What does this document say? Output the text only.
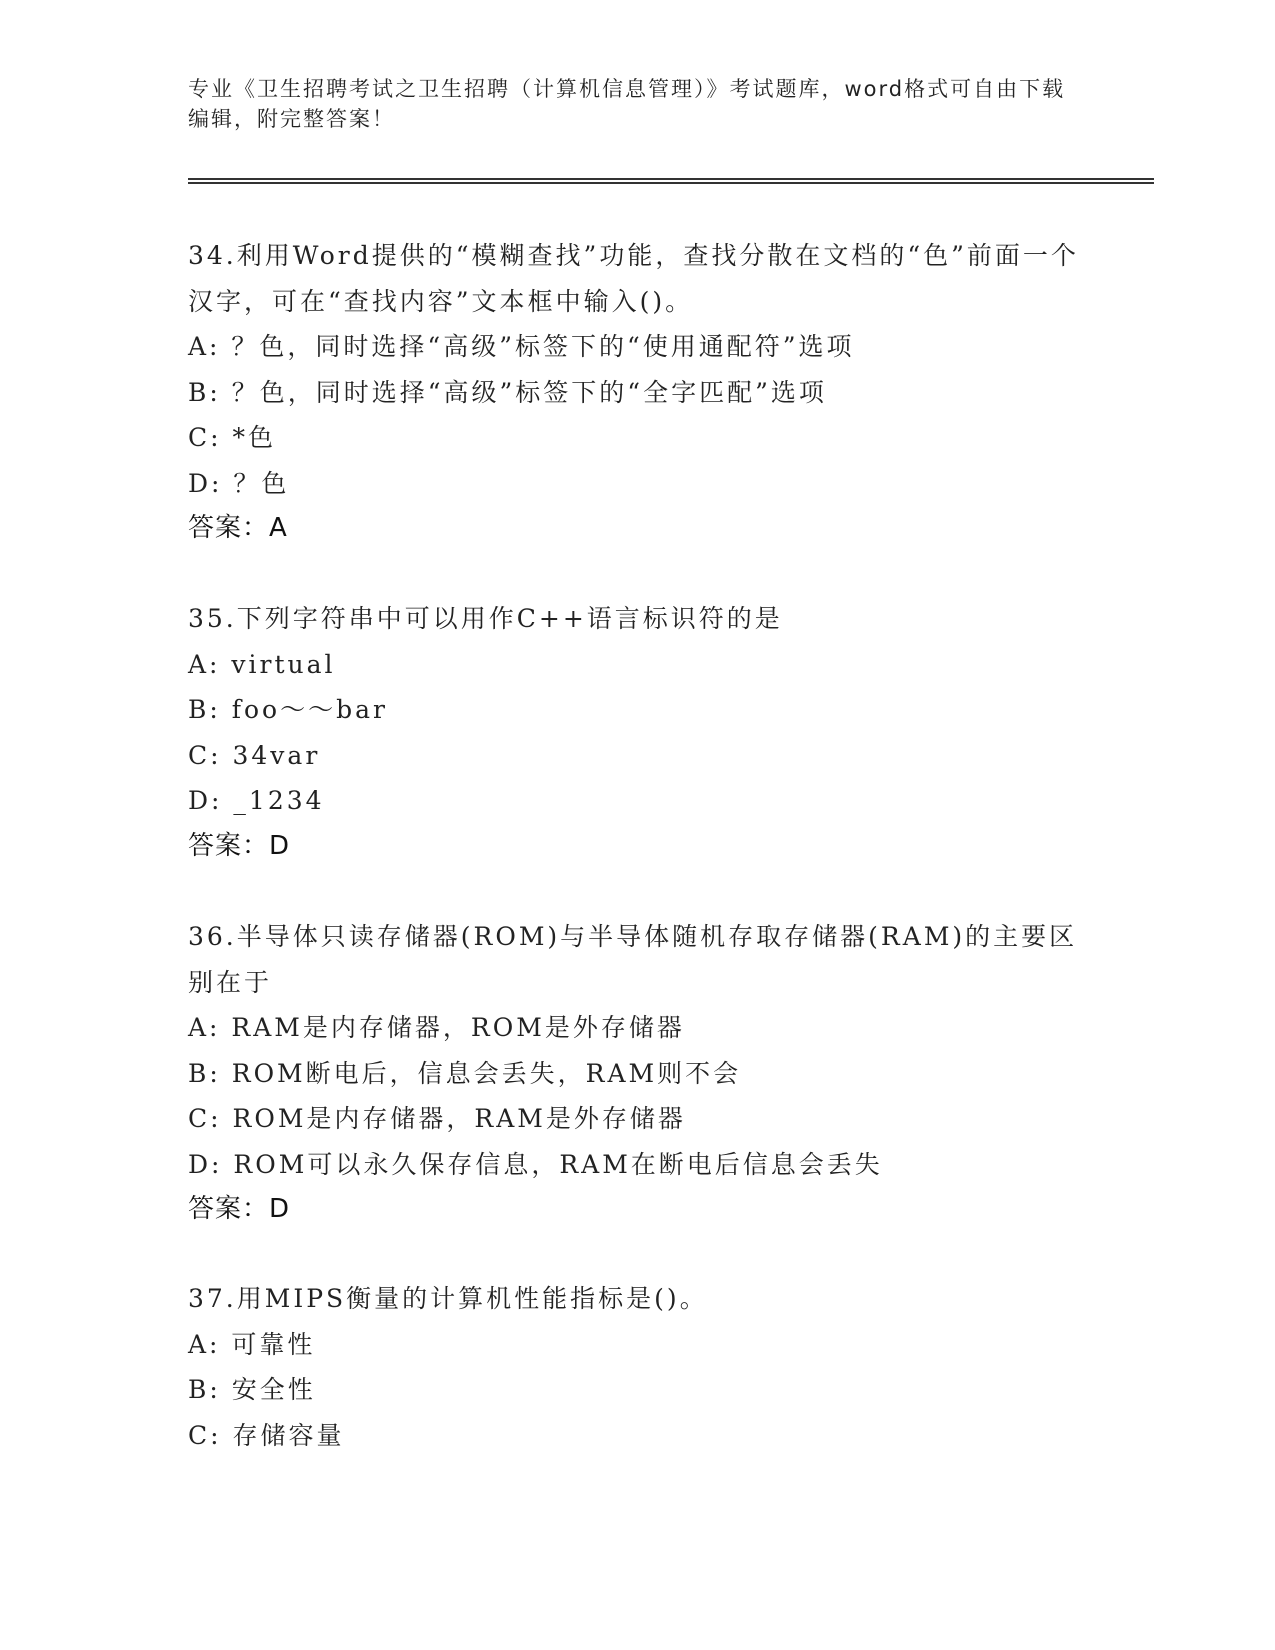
专业《卫生招聘考试之卫生招聘（计算机信息管理）》考试题库，word格式可自由下载编辑，附完整答案！
34.利用Word提供的“模糊查找”功能，查找分散在文档的“色”前面一个汉字，可在“查找内容”文本框中输入()。
A: ？色，同时选择“高级”标签下的“使用通配符”选项
B: ？色，同时选择“高级”标签下的“全字匹配”选项
C: *色
D: ？色
答案：A
35.下列字符串中可以用作C++语言标识符的是
A: virtual
B: foo～～bar
C: 34var
D: _1234
答案：D
36.半导体只读存储器(ROM)与半导体随机存取存储器(RAM)的主要区别在于
A: RAM是内存储器，ROM是外存储器
B: ROM断电后，信息会丢失，RAM则不会
C: ROM是内存储器，RAM是外存储器
D: ROM可以永久保存信息，RAM在断电后信息会丢失
答案：D
37.用MIPS衡量的计算机性能指标是()。
A: 可靠性
B: 安全性
C: 存储容量
